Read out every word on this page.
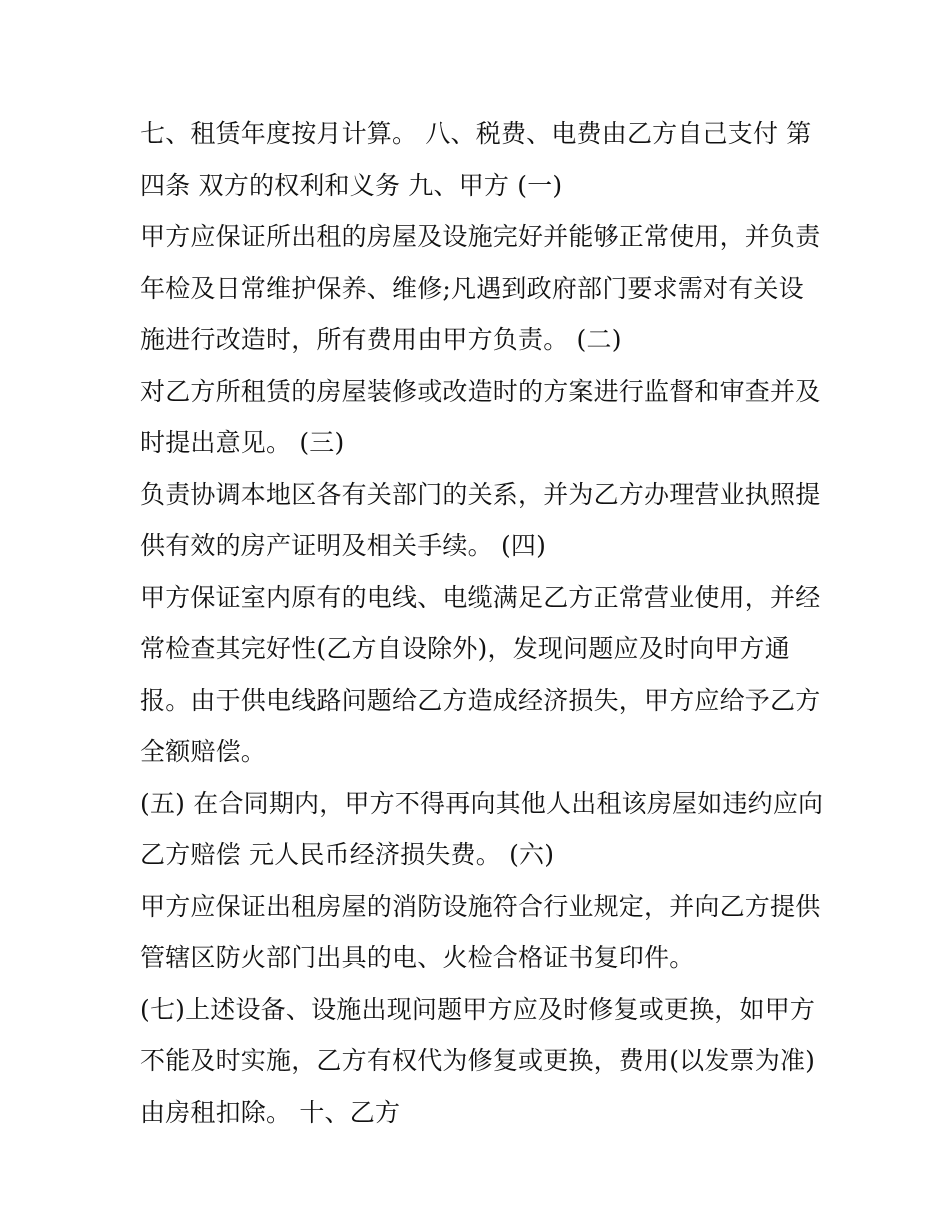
七、租赁年度按月计算。 八、税费、电费由乙方自己支付 第
四条 双方的权利和义务 九、甲方 (一)
甲方应保证所出租的房屋及设施完好并能够正常使用，并负责
年检及日常维护保养、维修;凡遇到政府部门要求需对有关设
施进行改造时，所有费用由甲方负责。 (二)
对乙方所租赁的房屋装修或改造时的方案进行监督和审查并及
时提出意见。 (三)
负责协调本地区各有关部门的关系，并为乙方办理营业执照提
供有效的房产证明及相关手续。 (四)
甲方保证室内原有的电线、电缆满足乙方正常营业使用，并经
常检查其完好性(乙方自设除外)，发现问题应及时向甲方通
报。由于供电线路问题给乙方造成经济损失，甲方应给予乙方
全额赔偿。
(五) 在合同期内，甲方不得再向其他人出租该房屋如违约应向
乙方赔偿 元人民币经济损失费。 (六)
甲方应保证出租房屋的消防设施符合行业规定，并向乙方提供
管辖区防火部门出具的电、火检合格证书复印件。
(七)上述设备、设施出现问题甲方应及时修复或更换，如甲方
不能及时实施，乙方有权代为修复或更换，费用(以发票为准)
由房租扣除。 十、乙方
